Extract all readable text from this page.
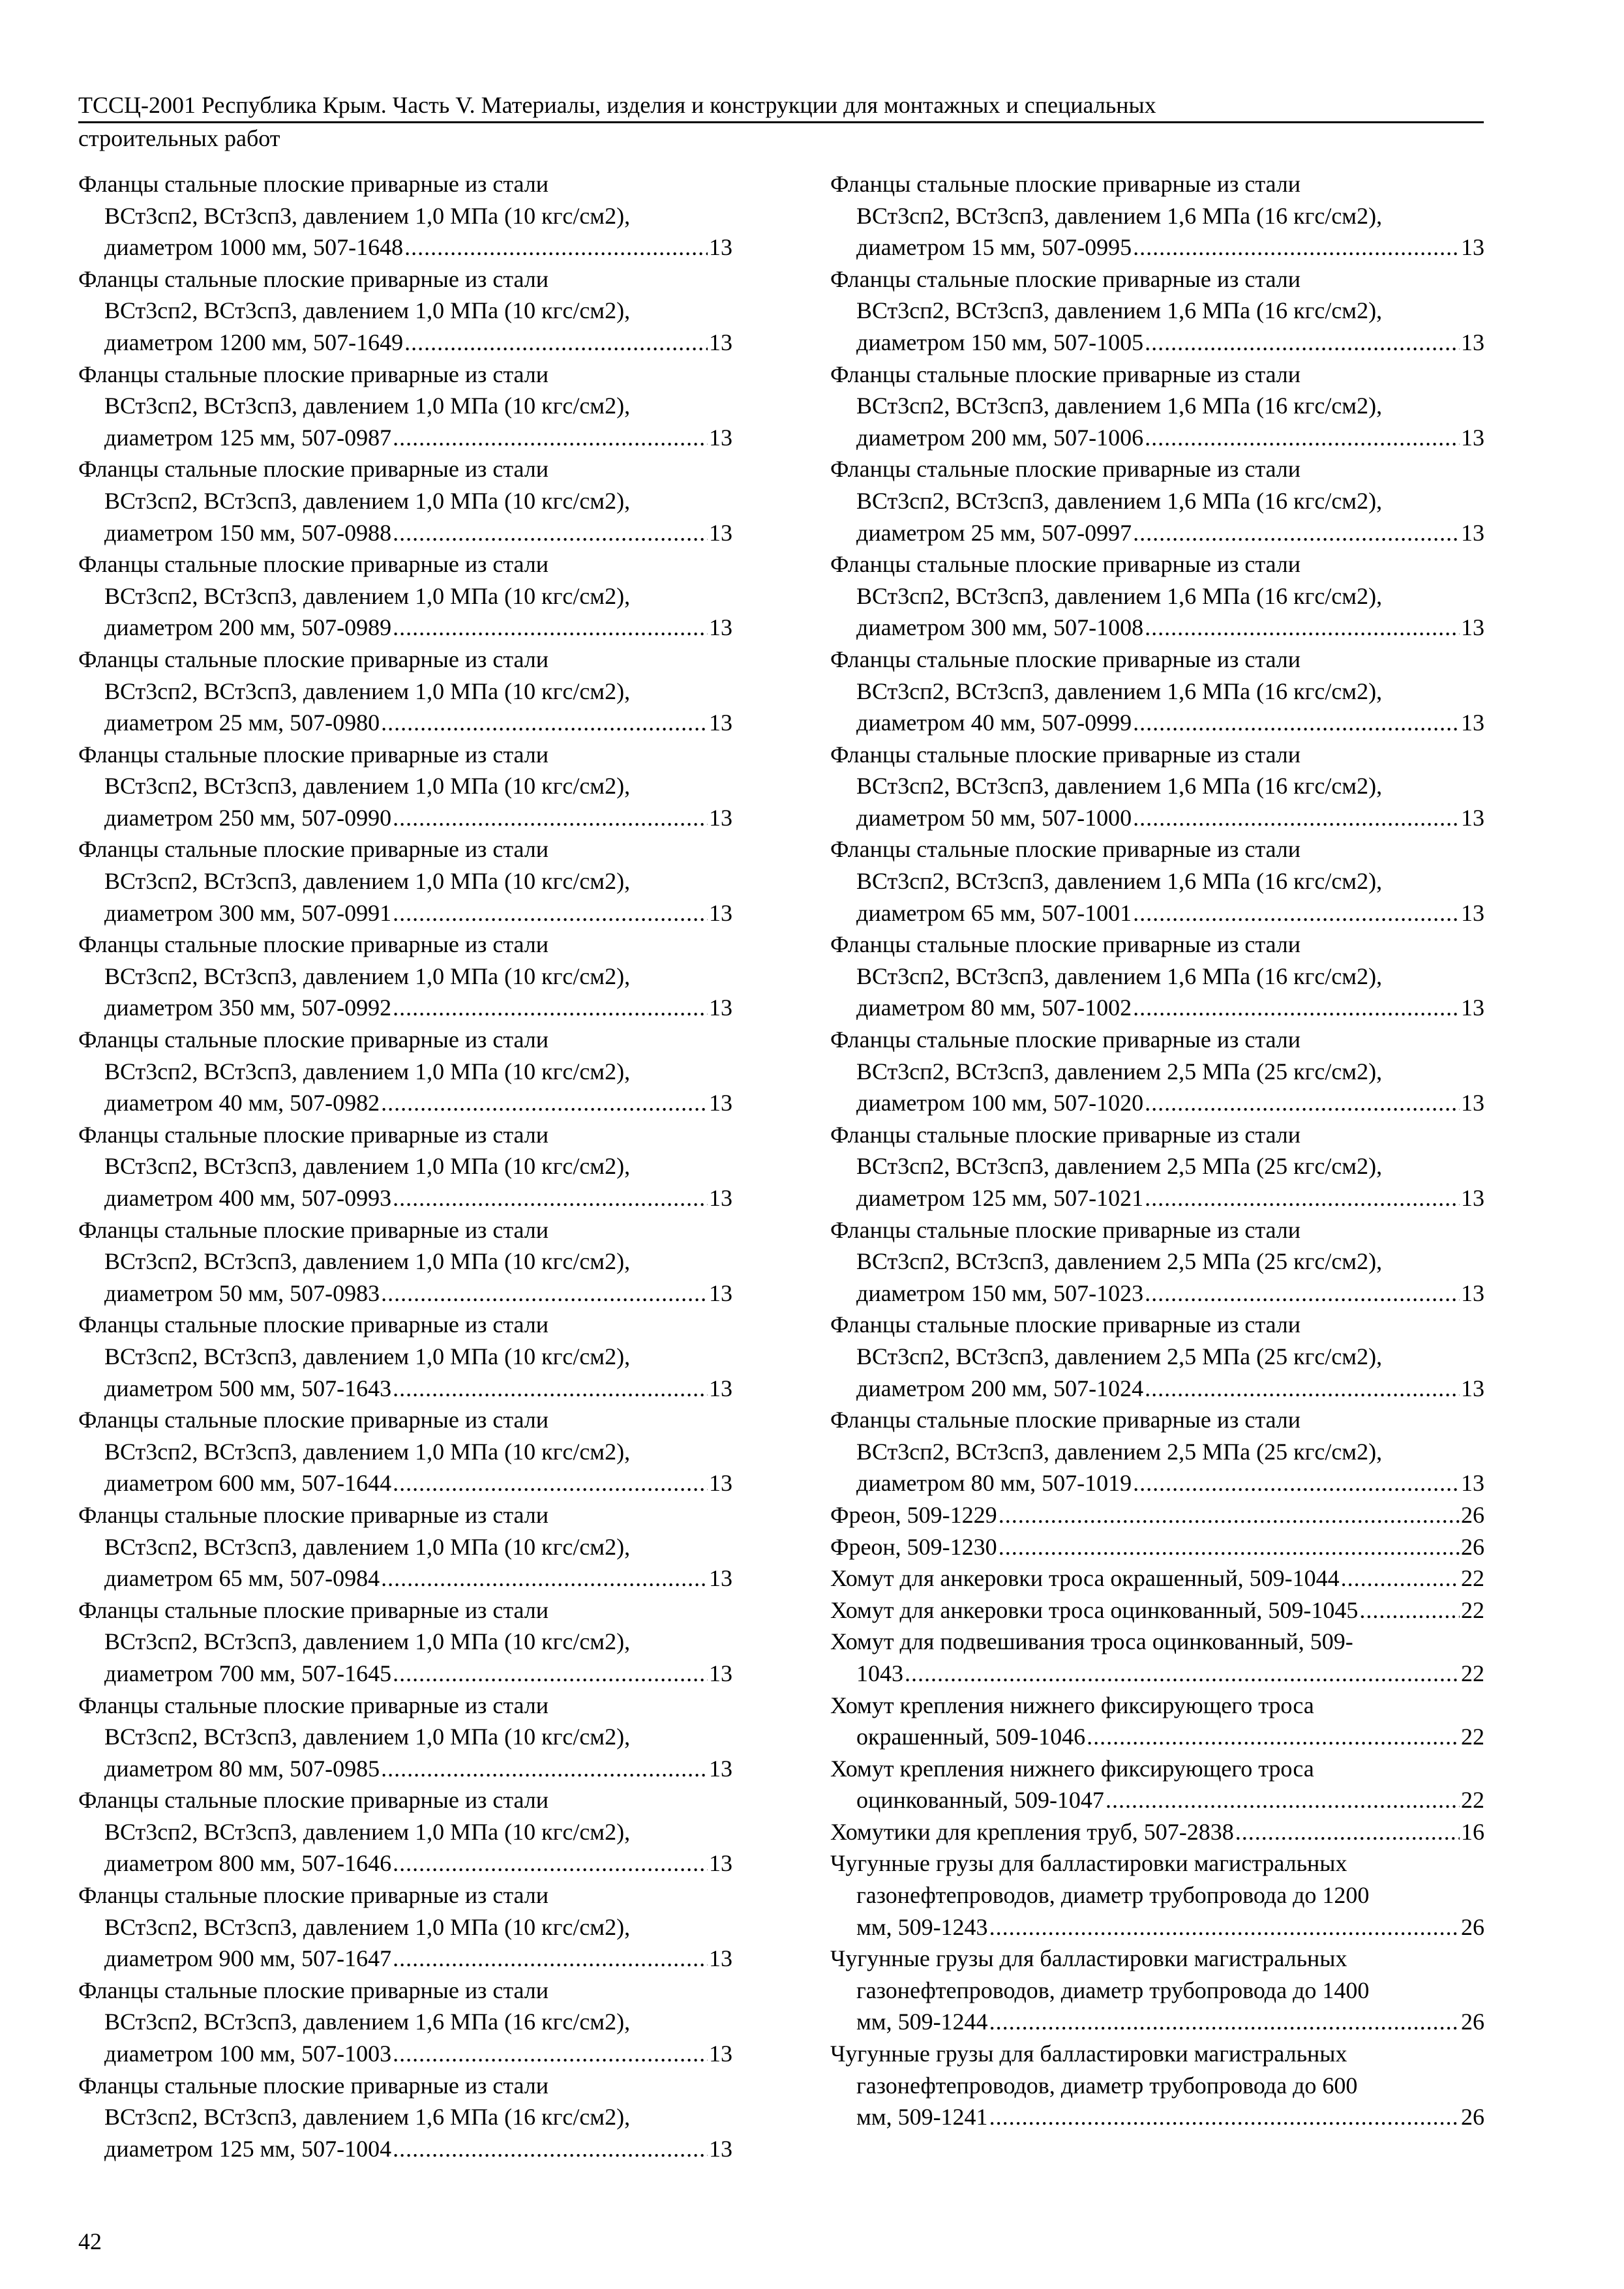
ТССЦ-2001 Республика Крым. Часть V. Материалы, изделия и конструкции для монтажных и специальных
строительных работ
Фланцы стальные плоские приварные из стали
ВСт3сп2, ВСт3сп3, давлением 1,0 МПа (10 кгс/см2),
диаметром 1000 мм, 507-1648 .....	13
Фланцы стальные плоские приварные из стали
ВСт3сп2, ВСт3сп3, давлением 1,0 МПа (10 кгс/см2),
диаметром 1200 мм, 507-1649 .....	13
Фланцы стальные плоские приварные из стали
ВСт3сп2, ВСт3сп3, давлением 1,0 МПа (10 кгс/см2),
диаметром 125 мм, 507-0987 .....	13
Фланцы стальные плоские приварные из стали
ВСт3сп2, ВСт3сп3, давлением 1,0 МПа (10 кгс/см2),
диаметром 150 мм, 507-0988 .....	13
Фланцы стальные плоские приварные из стали
ВСт3сп2, ВСт3сп3, давлением 1,0 МПа (10 кгс/см2),
диаметром 200 мм, 507-0989 .....	13
Фланцы стальные плоские приварные из стали
ВСт3сп2, ВСт3сп3, давлением 1,0 МПа (10 кгс/см2),
диаметром 25 мм, 507-0980 .....	13
Фланцы стальные плоские приварные из стали
ВСт3сп2, ВСт3сп3, давлением 1,0 МПа (10 кгс/см2),
диаметром 250 мм, 507-0990 .....	13
Фланцы стальные плоские приварные из стали
ВСт3сп2, ВСт3сп3, давлением 1,0 МПа (10 кгс/см2),
диаметром 300 мм, 507-0991 .....	13
Фланцы стальные плоские приварные из стали
ВСт3сп2, ВСт3сп3, давлением 1,0 МПа (10 кгс/см2),
диаметром 350 мм, 507-0992 .....	13
Фланцы стальные плоские приварные из стали
ВСт3сп2, ВСт3сп3, давлением 1,0 МПа (10 кгс/см2),
диаметром 40 мм, 507-0982 .....	13
Фланцы стальные плоские приварные из стали
ВСт3сп2, ВСт3сп3, давлением 1,0 МПа (10 кгс/см2),
диаметром 400 мм, 507-0993 .....	13
Фланцы стальные плоские приварные из стали
ВСт3сп2, ВСт3сп3, давлением 1,0 МПа (10 кгс/см2),
диаметром 50 мм, 507-0983 .....	13
Фланцы стальные плоские приварные из стали
ВСт3сп2, ВСт3сп3, давлением 1,0 МПа (10 кгс/см2),
диаметром 500 мм, 507-1643 .....	13
Фланцы стальные плоские приварные из стали
ВСт3сп2, ВСт3сп3, давлением 1,0 МПа (10 кгс/см2),
диаметром 600 мм, 507-1644 .....	13
Фланцы стальные плоские приварные из стали
ВСт3сп2, ВСт3сп3, давлением 1,0 МПа (10 кгс/см2),
диаметром 65 мм, 507-0984 .....	13
Фланцы стальные плоские приварные из стали
ВСт3сп2, ВСт3сп3, давлением 1,0 МПа (10 кгс/см2),
диаметром 700 мм, 507-1645 .....	13
Фланцы стальные плоские приварные из стали
ВСт3сп2, ВСт3сп3, давлением 1,0 МПа (10 кгс/см2),
диаметром 80 мм, 507-0985 .....	13
Фланцы стальные плоские приварные из стали
ВСт3сп2, ВСт3сп3, давлением 1,0 МПа (10 кгс/см2),
диаметром 800 мм, 507-1646 .....	13
Фланцы стальные плоские приварные из стали
ВСт3сп2, ВСт3сп3, давлением 1,0 МПа (10 кгс/см2),
диаметром 900 мм, 507-1647 .....	13
Фланцы стальные плоские приварные из стали
ВСт3сп2, ВСт3сп3, давлением 1,6 МПа (16 кгс/см2),
диаметром 100 мм, 507-1003 .....	13
Фланцы стальные плоские приварные из стали
ВСт3сп2, ВСт3сп3, давлением 1,6 МПа (16 кгс/см2),
диаметром 125 мм, 507-1004 .....	13
Фланцы стальные плоские приварные из стали
ВСт3сп2, ВСт3сп3, давлением 1,6 МПа (16 кгс/см2),
диаметром 15 мм, 507-0995 .....	13
Фланцы стальные плоские приварные из стали
ВСт3сп2, ВСт3сп3, давлением 1,6 МПа (16 кгс/см2),
диаметром 150 мм, 507-1005 .....	13
Фланцы стальные плоские приварные из стали
ВСт3сп2, ВСт3сп3, давлением 1,6 МПа (16 кгс/см2),
диаметром 200 мм, 507-1006 .....	13
Фланцы стальные плоские приварные из стали
ВСт3сп2, ВСт3сп3, давлением 1,6 МПа (16 кгс/см2),
диаметром 25 мм, 507-0997 .....	13
Фланцы стальные плоские приварные из стали
ВСт3сп2, ВСт3сп3, давлением 1,6 МПа (16 кгс/см2),
диаметром 300 мм, 507-1008 .....	13
Фланцы стальные плоские приварные из стали
ВСт3сп2, ВСт3сп3, давлением 1,6 МПа (16 кгс/см2),
диаметром 40 мм, 507-0999 .....	13
Фланцы стальные плоские приварные из стали
ВСт3сп2, ВСт3сп3, давлением 1,6 МПа (16 кгс/см2),
диаметром 50 мм, 507-1000 .....	13
Фланцы стальные плоские приварные из стали
ВСт3сп2, ВСт3сп3, давлением 1,6 МПа (16 кгс/см2),
диаметром 65 мм, 507-1001 .....	13
Фланцы стальные плоские приварные из стали
ВСт3сп2, ВСт3сп3, давлением 1,6 МПа (16 кгс/см2),
диаметром 80 мм, 507-1002 .....	13
Фланцы стальные плоские приварные из стали
ВСт3сп2, ВСт3сп3, давлением 2,5 МПа (25 кгс/см2),
диаметром 100 мм, 507-1020 .....	13
Фланцы стальные плоские приварные из стали
ВСт3сп2, ВСт3сп3, давлением 2,5 МПа (25 кгс/см2),
диаметром 125 мм, 507-1021 .....	13
Фланцы стальные плоские приварные из стали
ВСт3сп2, ВСт3сп3, давлением 2,5 МПа (25 кгс/см2),
диаметром 150 мм, 507-1023 .....	13
Фланцы стальные плоские приварные из стали
ВСт3сп2, ВСт3сп3, давлением 2,5 МПа (25 кгс/см2),
диаметром 200 мм, 507-1024 .....	13
Фланцы стальные плоские приварные из стали
ВСт3сп2, ВСт3сп3, давлением 2,5 МПа (25 кгс/см2),
диаметром 80 мм, 507-1019 .....	13
Фреон, 509-1229 .....	26
Фреон, 509-1230 .....	26
Хомут для анкеровки троса окрашенный, 509-1044 .....	22
Хомут для анкеровки троса оцинкованный, 509-1045 .....	22
Хомут для подвешивания троса оцинкованный, 509-
1043 .....	22
Хомут крепления нижнего фиксирующего троса
окрашенный, 509-1046 .....	22
Хомут крепления нижнего фиксирующего троса
оцинкованный, 509-1047 .....	22
Хомутики для крепления труб, 507-2838 .....	16
Чугунные грузы для балластировки магистральных
газонефтепроводов, диаметр трубопровода до 1200
мм, 509-1243 .....	26
Чугунные грузы для балластировки магистральных
газонефтепроводов, диаметр трубопровода до 1400
мм, 509-1244 .....	26
Чугунные грузы для балластировки магистральных
газонефтепроводов, диаметр трубопровода до 600
мм, 509-1241 .....	26
42
